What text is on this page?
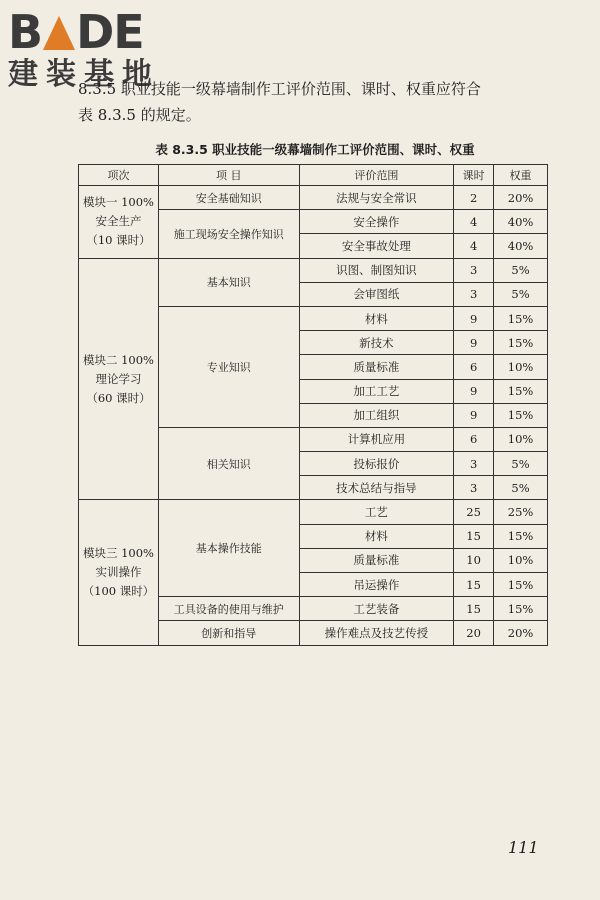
B DE
建装基地

8.3.5 职业技能一级幕墙制作工评价范围、课时、权重应符合

表 8.3.5 的规定。

表 8.3.5 职业技能一级幕墙制作工评价范围、课时、权重
项次	项 目	评价范围	课时	权重

模块一 100%
安全生产
（10 课时）	安全基础知识	法规与安全常识	2	20%
	施工现场安全操作知识	安全操作	4	40%
		安全事故处理	4	40%

模块二 100%
理论学习
（60 课时）	基本知识	识图、制图知识	3	5%
		会审图纸	3	5%
	专业知识	材料	9	15%
		新技术	9	15%
		质量标准	6	10%
		加工工艺	9	15%
		加工组织	9	15%
	相关知识	计算机应用	6	10%
		投标报价	3	5%
		技术总结与指导	3	5%

模块三 100%
实训操作
（100 课时）	基本操作技能	工艺	25	25%
		材料	15	15%
		质量标准	10	10%
		吊运操作	15	15%
	工具设备的使用与维护	工艺装备	15	15%
	创新和指导	操作难点及技艺传授	20	20%
111
